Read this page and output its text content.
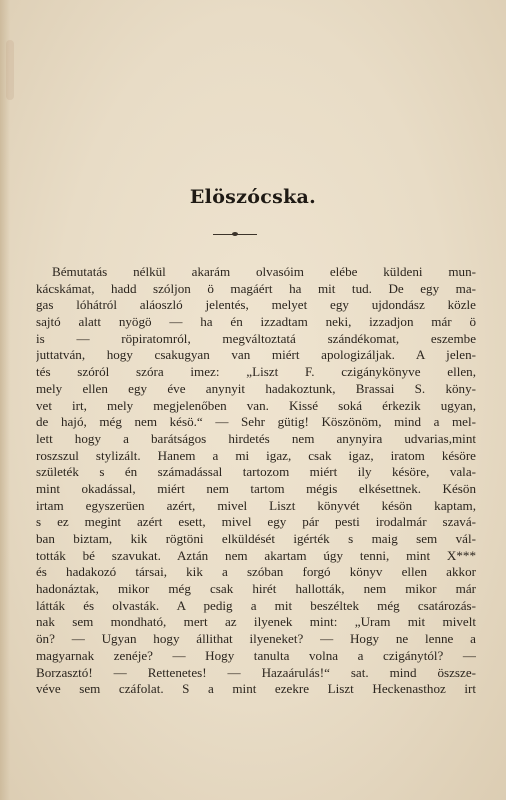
Elöszócska.
Bémutatás nélkül akarám olvasóim elébe küldeni mun-
kácskámat, hadd szóljon ö magáért ha mit tud. De egy ma-
gas lóhátról aláoszló jelentés, melyet egy ujdondász közle
sajtó alatt nyögö — ha én izzadtam neki, izzadjon már ö
is — röpiratomról, megváltoztatá szándékomat, eszembe
juttatván, hogy csakugyan van miért apologizáljak. A jelen-
tés szóról szóra imez: „Liszt F. czigánykönyve ellen,
mely ellen egy éve anynyit hadakoztunk, Brassai S. köny-
vet irt, mely megjelenőben van. Kissé soká érkezik ugyan,
de hajó, még nem késö.“ — Sehr gütig! Köszönöm, mind a mel-
lett hogy a barátságos hirdetés nem anynyira udvarias,mint
roszszul stylizált. Hanem a mi igaz, csak igaz, iratom késöre
születék s én számadással tartozom miért ily késöre, vala-
mint okadással, miért nem tartom mégis elkésettnek. Késön
irtam egyszerüen azért, mivel Liszt könyvét késön kaptam,
s ez megint azért esett, mivel egy pár pesti irodalmár szavá-
ban biztam, kik rögtöni elküldését igérték s maig sem vál-
tották bé szavukat. Aztán nem akartam úgy tenni, mint X***
és hadakozó társai, kik a szóban forgó könyv ellen akkor
hadonáztak, mikor még csak hirét hallották, nem mikor már
látták és olvasták. A pedig a mit beszéltek még csatározás-
nak sem mondható, mert az ilyenek mint: „Uram mit mivelt
ön? — Ugyan hogy állithat ilyeneket? — Hogy ne lenne a
magyarnak zenéje? — Hogy tanulta volna a czigánytól? —
Borzasztó! — Rettenetes! — Hazaárulás!“ sat. mind öszsze-
véve sem czáfolat. S a mint ezekre Liszt Heckenasthoz irt
